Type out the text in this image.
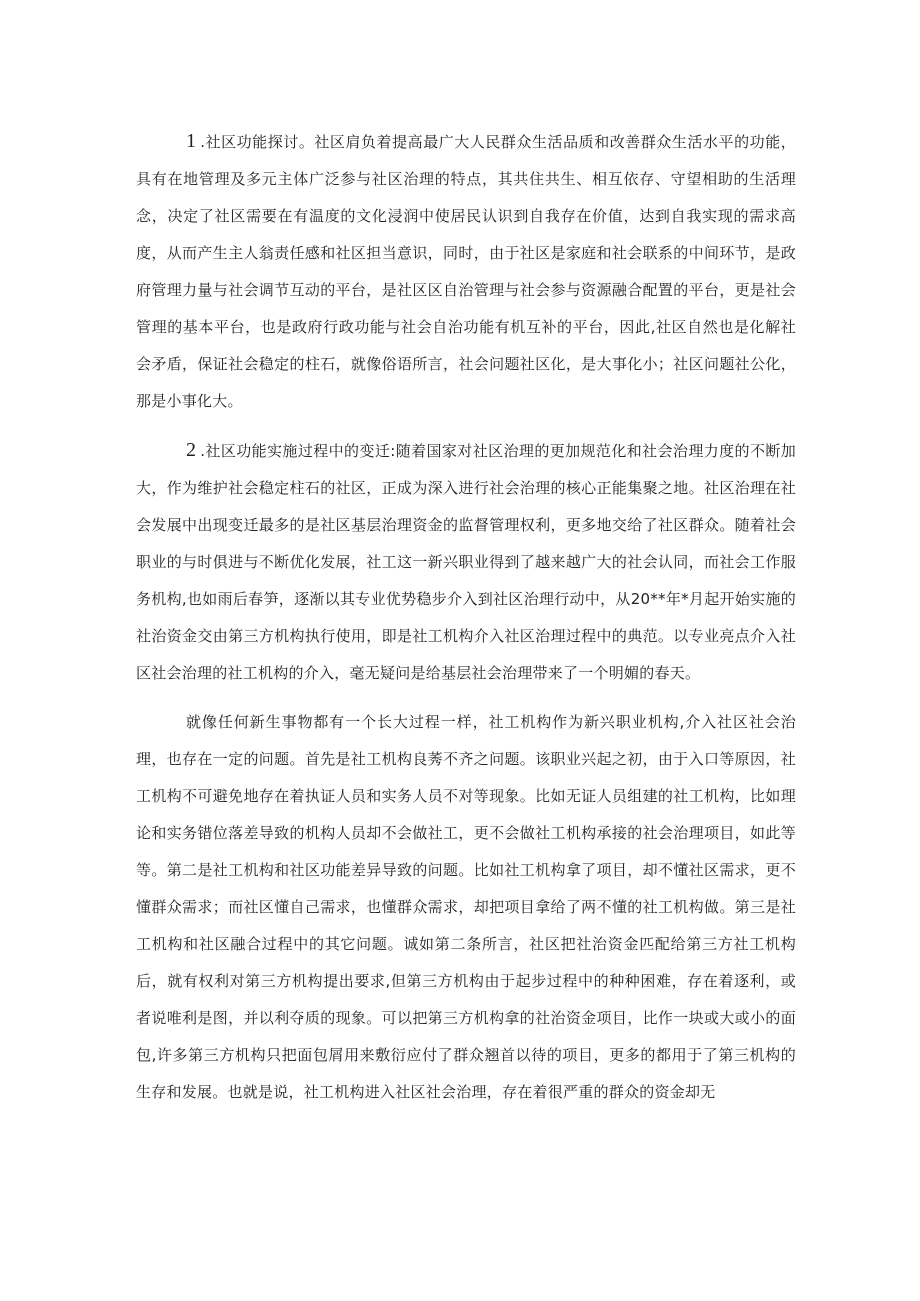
1 .社区功能探讨。社区肩负着提高最广大人民群众生活品质和改善群众生活水平的功能，具有在地管理及多元主体广泛参与社区治理的特点，其共住共生、相互依存、守望相助的生活理念，决定了社区需要在有温度的文化浸润中使居民认识到自我存在价值，达到自我实现的需求高度，从而产生主人翁责任感和社区担当意识，同时，由于社区是家庭和社会联系的中间环节，是政府管理力量与社会调节互动的平台，是社区区自治管理与社会参与资源融合配置的平台，更是社会管理的基本平台，也是政府行政功能与社会自治功能有机互补的平台，因此,社区自然也是化解社会矛盾，保证社会稳定的柱石，就像俗语所言，社会问题社区化，是大事化小；社区问题社公化，那是小事化大。

2 .社区功能实施过程中的变迁:随着国家对社区治理的更加规范化和社会治理力度的不断加大，作为维护社会稳定柱石的社区，正成为深入进行社会治理的核心正能集聚之地。社区治理在社会发展中出现变迁最多的是社区基层治理资金的监督管理权利，更多地交给了社区群众。随着社会职业的与时俱进与不断优化发展，社工这一新兴职业得到了越来越广大的社会认同，而社会工作服务机构,也如雨后春笋，逐渐以其专业优势稳步介入到社区治理行动中，从20**年*月起开始实施的社治资金交由第三方机构执行使用，即是社工机构介入社区治理过程中的典范。以专业亮点介入社区社会治理的社工机构的介入，毫无疑问是给基层社会治理带来了一个明媚的春天。

就像任何新生事物都有一个长大过程一样，社工机构作为新兴职业机构,介入社区社会治理，也存在一定的问题。首先是社工机构良莠不齐之问题。该职业兴起之初，由于入口等原因，社工机构不可避免地存在着执证人员和实务人员不对等现象。比如无证人员组建的社工机构，比如理论和实务错位落差导致的机构人员却不会做社工，更不会做社工机构承接的社会治理项目，如此等等。第二是社工机构和社区功能差异导致的问题。比如社工机构拿了项目，却不懂社区需求，更不懂群众需求；而社区懂自己需求，也懂群众需求，却把项目拿给了两不懂的社工机构做。第三是社工机构和社区融合过程中的其它问题。诚如第二条所言，社区把社治资金匹配给第三方社工机构后，就有权利对第三方机构提出要求,但第三方机构由于起步过程中的种种困难，存在着逐利，或者说唯利是图，并以利夺质的现象。可以把第三方机构拿的社治资金项目，比作一块或大或小的面包,许多第三方机构只把面包屑用来敷衍应付了群众翘首以待的项目，更多的都用于了第三机构的生存和发展。也就是说，社工机构进入社区社会治理，存在着很严重的群众的资金却无
